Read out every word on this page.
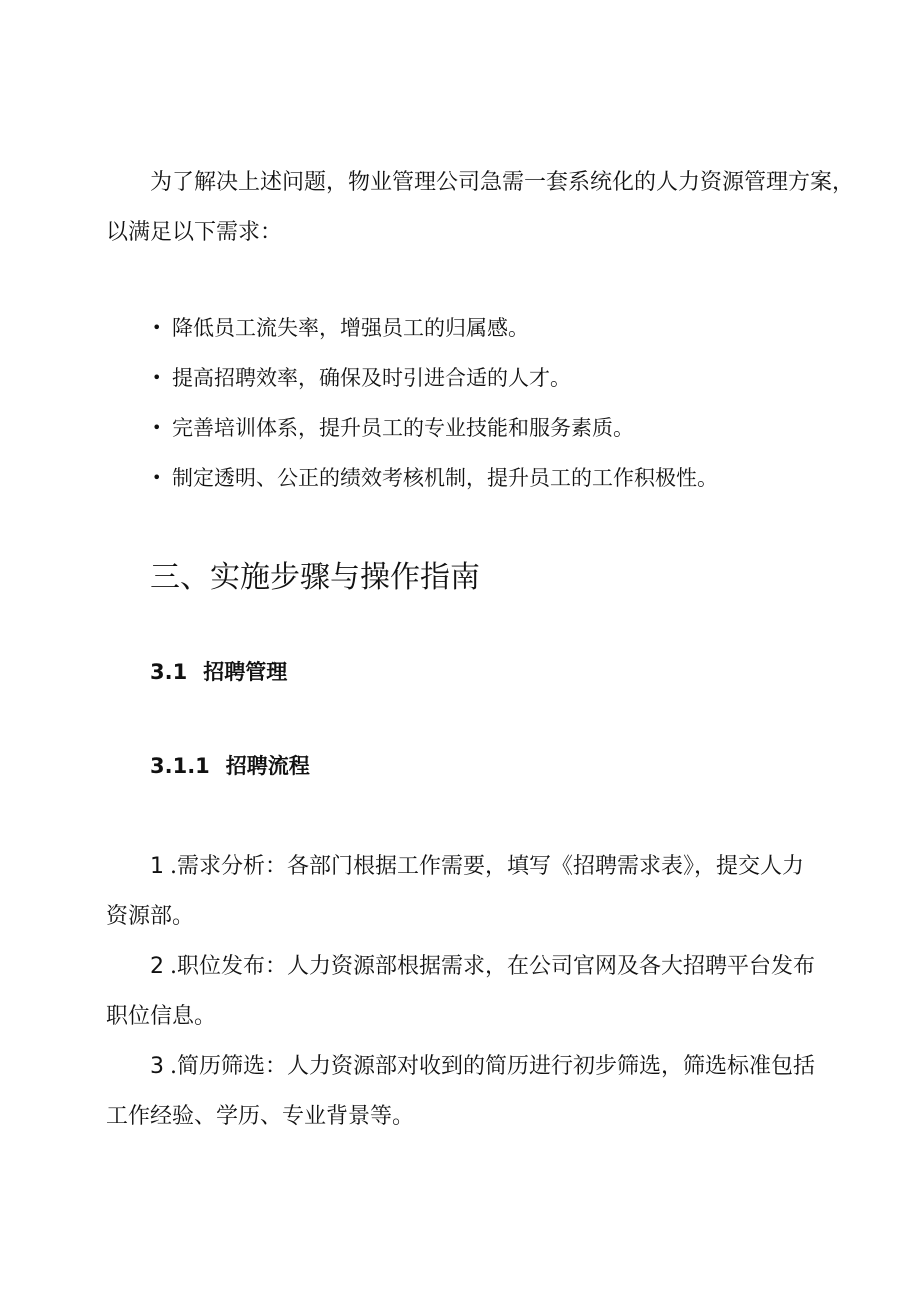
为了解决上述问题，物业管理公司急需一套系统化的人力资源管理方案，
以满足以下需求：

• 降低员工流失率，增强员工的归属感。
• 提高招聘效率，确保及时引进合适的人才。
• 完善培训体系，提升员工的专业技能和服务素质。
• 制定透明、公正的绩效考核机制，提升员工的工作积极性。
三、实施步骤与操作指南
3.1 招聘管理
3.1.1 招聘流程
1 .需求分析：各部门根据工作需要，填写《招聘需求表》，提交人力
资源部。
2 .职位发布：人力资源部根据需求，在公司官网及各大招聘平台发布
职位信息。
3 .简历筛选：人力资源部对收到的简历进行初步筛选，筛选标准包括
工作经验、学历、专业背景等。
